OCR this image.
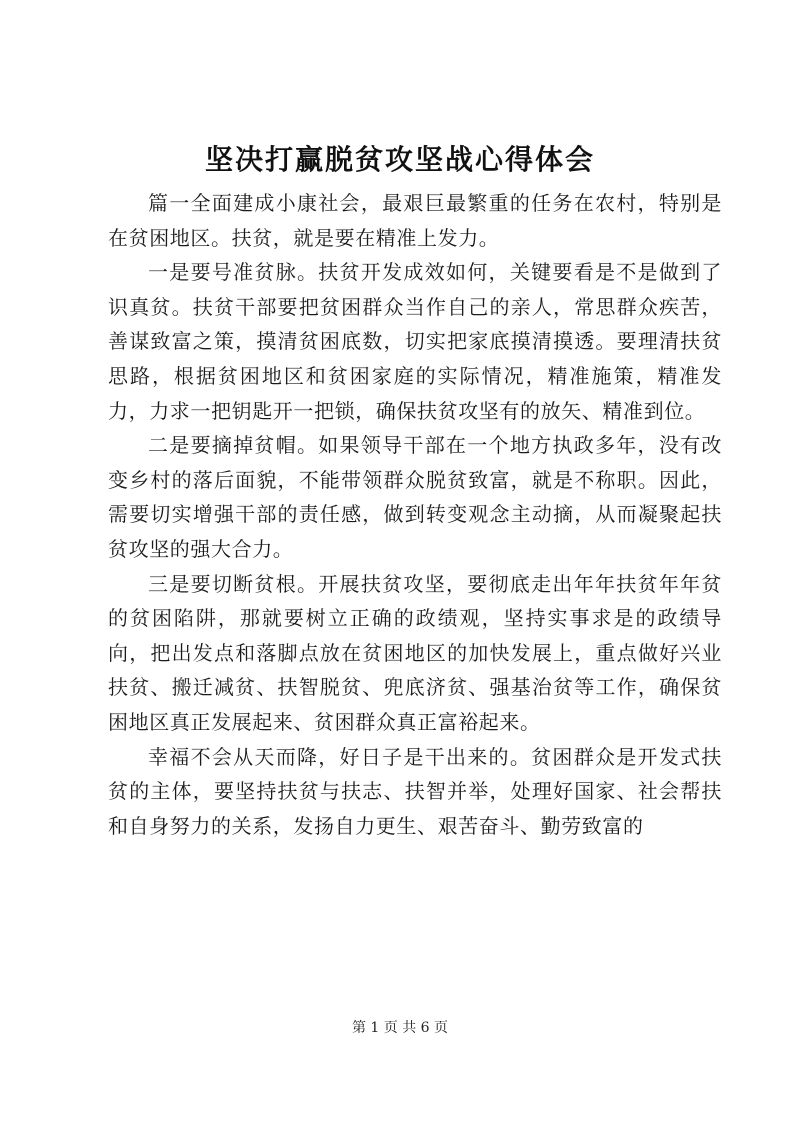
坚决打赢脱贫攻坚战心得体会

篇一全面建成小康社会，最艰巨最繁重的任务在农村，特别是在贫困地区。扶贫，就是要在精准上发力。

一是要号准贫脉。扶贫开发成效如何，关键要看是不是做到了识真贫。扶贫干部要把贫困群众当作自己的亲人，常思群众疾苦，善谋致富之策，摸清贫困底数，切实把家底摸清摸透。要理清扶贫思路，根据贫困地区和贫困家庭的实际情况，精准施策，精准发力，力求一把钥匙开一把锁，确保扶贫攻坚有的放矢、精准到位。

二是要摘掉贫帽。如果领导干部在一个地方执政多年，没有改变乡村的落后面貌，不能带领群众脱贫致富，就是不称职。因此，需要切实增强干部的责任感，做到转变观念主动摘，从而凝聚起扶贫攻坚的强大合力。

三是要切断贫根。开展扶贫攻坚，要彻底走出年年扶贫年年贫的贫困陷阱，那就要树立正确的政绩观，坚持实事求是的政绩导向，把出发点和落脚点放在贫困地区的加快发展上，重点做好兴业扶贫、搬迁减贫、扶智脱贫、兜底济贫、强基治贫等工作，确保贫困地区真正发展起来、贫困群众真正富裕起来。

幸福不会从天而降，好日子是干出来的。贫困群众是开发式扶贫的主体，要坚持扶贫与扶志、扶智并举，处理好国家、社会帮扶和自身努力的关系，发扬自力更生、艰苦奋斗、勤劳致富的

第 1 页 共 6 页
